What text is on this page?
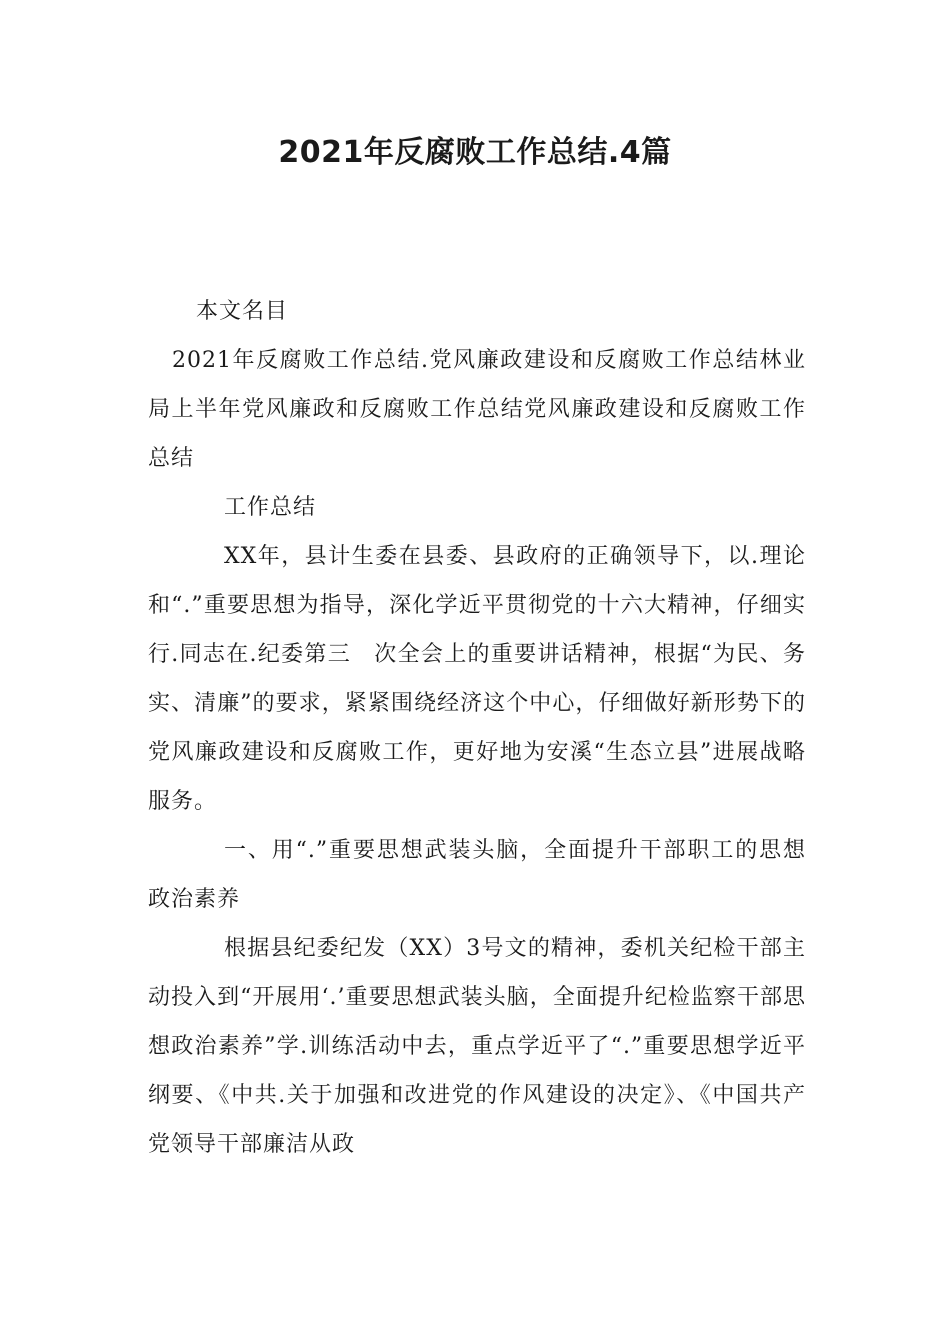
2021年反腐败工作总结.4篇

本文名目

2021年反腐败工作总结.党风廉政建设和反腐败工作总结林业局上半年党风廉政和反腐败工作总结党风廉政建设和反腐败工作总结

工作总结

XX年，县计生委在县委、县政府的正确领导下，以.理论和“.”重要思想为指导，深化学近平贯彻党的十六大精神，仔细实行.同志在.纪委第三　次全会上的重要讲话精神，根据“为民、务实、清廉”的要求，紧紧围绕经济这个中心，仔细做好新形势下的党风廉政建设和反腐败工作，更好地为安溪“生态立县”进展战略服务。

一、用“.”重要思想武装头脑，全面提升干部职工的思想政治素养

根据县纪委纪发（XX）3号文的精神，委机关纪检干部主动投入到“开展用‘.’重要思想武装头脑，全面提升纪检监察干部思想政治素养”学.训练活动中去，重点学近平了“.”重要思想学近平纲要、《中共.关于加强和改进党的作风建设的决定》、《中国共产党领导干部廉洁从政
